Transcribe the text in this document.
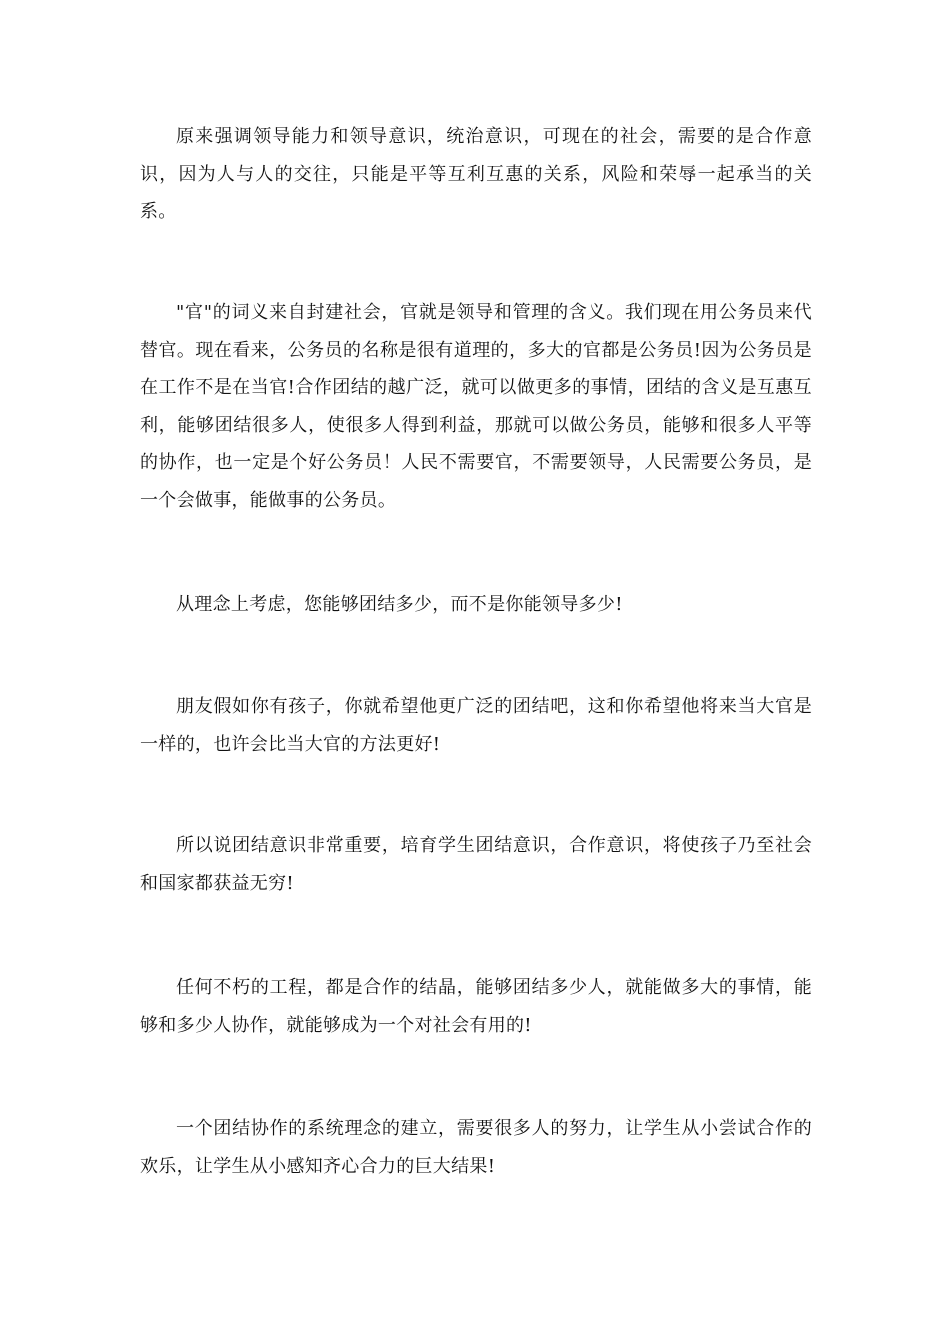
原来强调领导能力和领导意识，统治意识，可现在的社会，需要的是合作意识，因为人与人的交往，只能是平等互利互惠的关系，风险和荣辱一起承当的关系。

"官"的词义来自封建社会，官就是领导和管理的含义。我们现在用公务员来代替官。现在看来，公务员的名称是很有道理的，多大的官都是公务员!因为公务员是在工作不是在当官!合作团结的越广泛，就可以做更多的事情，团结的含义是互惠互利，能够团结很多人，使很多人得到利益，那就可以做公务员，能够和很多人平等的协作，也一定是个好公务员！人民不需要官，不需要领导，人民需要公务员，是一个会做事，能做事的公务员。

从理念上考虑，您能够团结多少，而不是你能领导多少!

朋友假如你有孩子，你就希望他更广泛的团结吧，这和你希望他将来当大官是一样的，也许会比当大官的方法更好!

所以说团结意识非常重要，培育学生团结意识，合作意识，将使孩子乃至社会和国家都获益无穷!

任何不朽的工程，都是合作的结晶，能够团结多少人，就能做多大的事情，能够和多少人协作，就能够成为一个对社会有用的!

一个团结协作的系统理念的建立，需要很多人的努力，让学生从小尝试合作的欢乐，让学生从小感知齐心合力的巨大结果!
